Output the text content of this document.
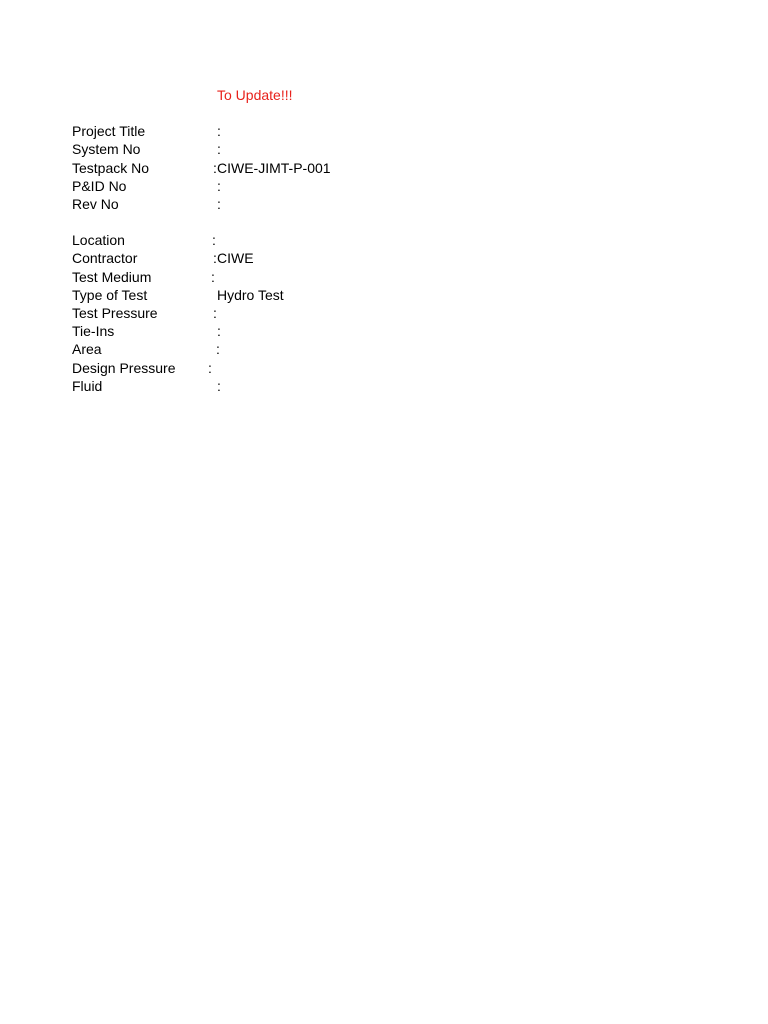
To Update!!!
Project Title	:
System No	:
Testpack No	: CIWE-JIMT-P-001
P&ID No	:
Rev No	:
Location	:
Contractor	: CIWE
Test Medium	:
Type of Test	Hydro Test
Test Pressure	:
Tie-Ins	:
Area	:
Design Pressure :
Fluid	:
